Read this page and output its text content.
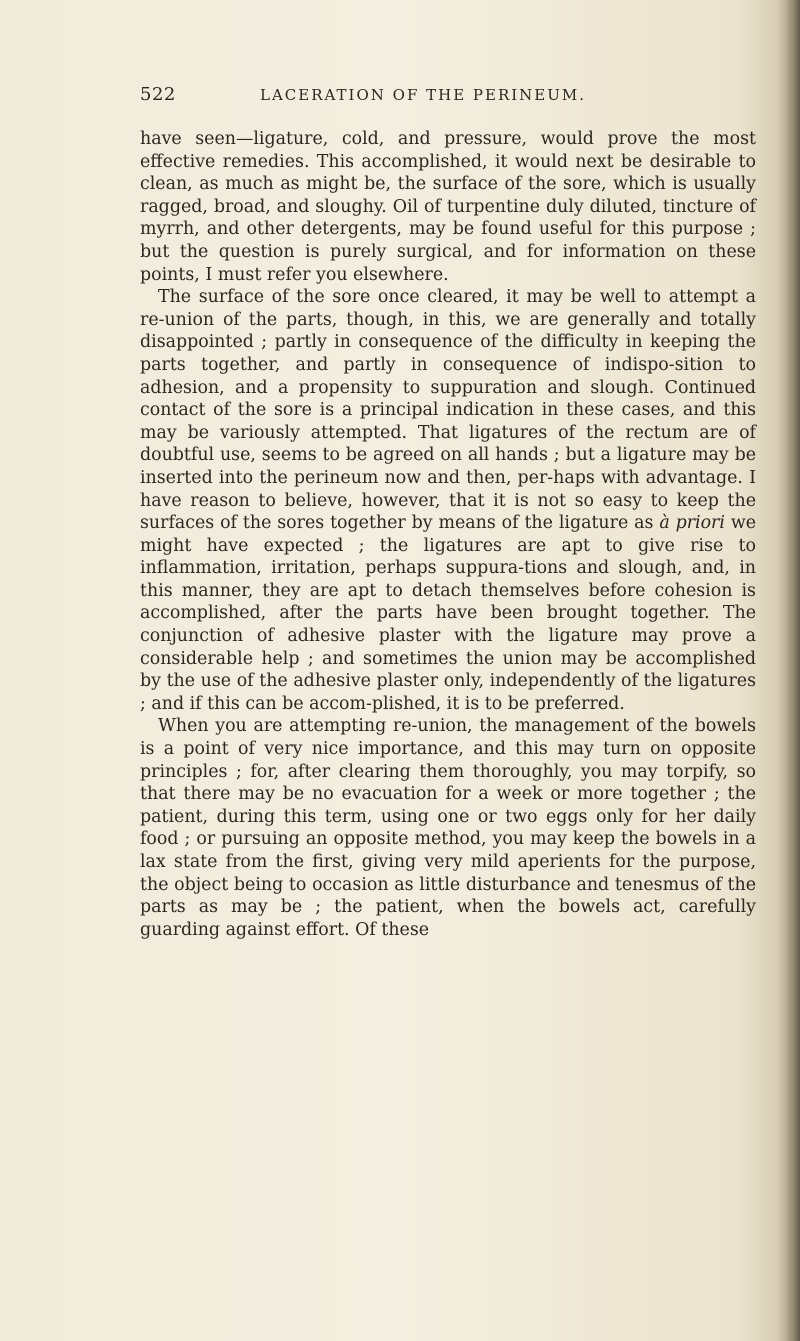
522	LACERATION OF THE PERINEUM.

have seen—ligature, cold, and pressure, would prove the most effective remedies. This accomplished, it would next be desirable to clean, as much as might be, the surface of the sore, which is usually ragged, broad, and sloughy. Oil of turpentine duly diluted, tincture of myrrh, and other detergents, may be found useful for this purpose ; but the question is purely surgical, and for information on these points, I must refer you elsewhere.

The surface of the sore once cleared, it may be well to attempt a re-union of the parts, though, in this, we are generally and totally disappointed ; partly in consequence of the difficulty in keeping the parts together, and partly in consequence of indispo-sition to adhesion, and a propensity to suppuration and slough. Continued contact of the sore is a principal indication in these cases, and this may be variously attempted. That ligatures of the rectum are of doubtful use, seems to be agreed on all hands ; but a ligature may be inserted into the perineum now and then, per-haps with advantage. I have reason to believe, however, that it is not so easy to keep the surfaces of the sores together by means of the ligature as à priori we might have expected ; the ligatures are apt to give rise to inflammation, irritation, perhaps suppura-tions and slough, and, in this manner, they are apt to detach themselves before cohesion is accomplished, after the parts have been brought together. The conjunction of adhesive plaster with the ligature may prove a considerable help ; and sometimes the union may be accomplished by the use of the adhesive plaster only, independently of the ligatures ; and if this can be accom-plished, it is to be preferred.

When you are attempting re-union, the management of the bowels is a point of very nice importance, and this may turn on opposite principles ; for, after clearing them thoroughly, you may torpify, so that there may be no evacuation for a week or more together ; the patient, during this term, using one or two eggs only for her daily food ; or pursuing an opposite method, you may keep the bowels in a lax state from the first, giving very mild aperients for the purpose, the object being to occasion as little disturbance and tenesmus of the parts as may be ; the patient, when the bowels act, carefully guarding against effort. Of these
